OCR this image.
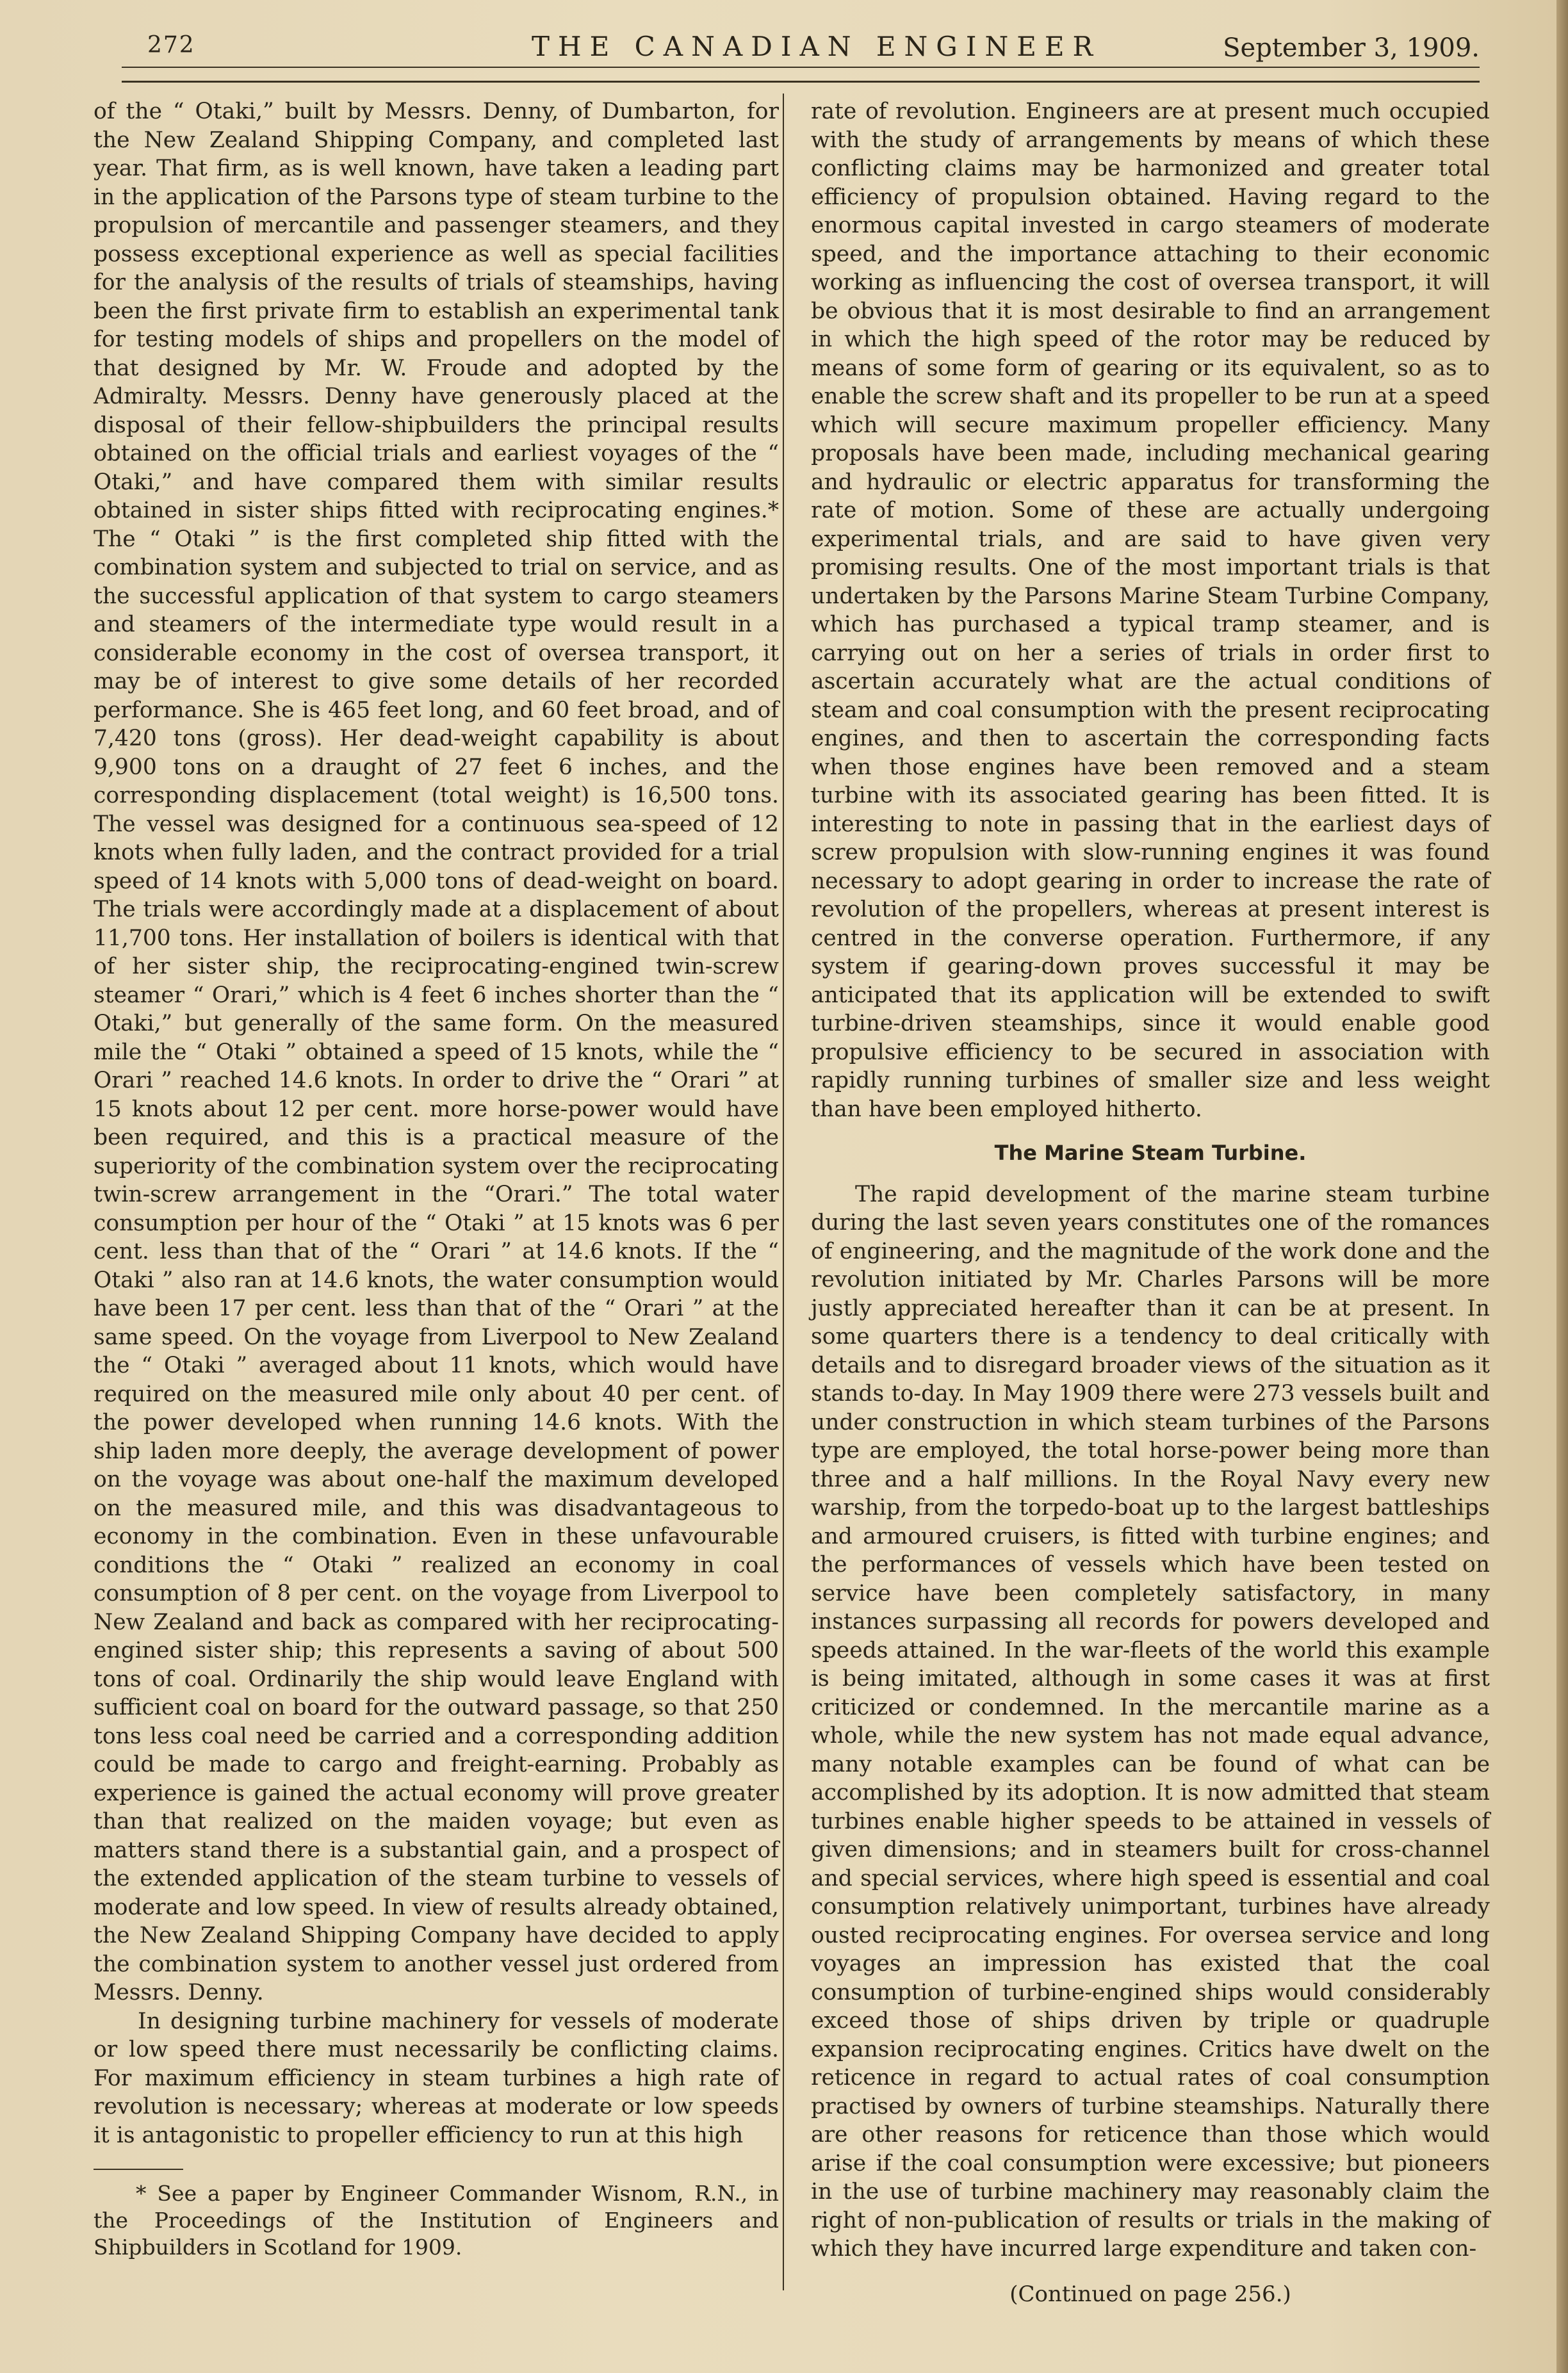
272	THE CANADIAN ENGINEER	September 3, 1909.

of the “ Otaki,” built by Messrs. Denny, of Dumbarton, for the New Zealand Shipping Company, and completed last year. That firm, as is well known, have taken a leading part in the application of the Parsons type of steam turbine to the propulsion of mercantile and passenger steamers, and they possess exceptional experience as well as special facilities for the analysis of the results of trials of steamships, having been the first private firm to establish an experimental tank for testing models of ships and propellers on the model of that designed by Mr. W. Froude and adopted by the Admiralty. Messrs. Denny have generously placed at the disposal of their fellow-shipbuilders the principal results obtained on the official trials and earliest voyages of the “ Otaki,” and have compared them with similar results obtained in sister ships fitted with reciprocating engines.* The “ Otaki ” is the first completed ship fitted with the combination system and subjected to trial on service, and as the successful application of that system to cargo steamers and steamers of the intermediate type would result in a considerable economy in the cost of oversea transport, it may be of interest to give some details of her recorded performance. She is 465 feet long, and 60 feet broad, and of 7,420 tons (gross). Her dead-weight capability is about 9,900 tons on a draught of 27 feet 6 inches, and the corresponding displacement (total weight) is 16,500 tons. The vessel was designed for a continuous sea-speed of 12 knots when fully laden, and the contract provided for a trial speed of 14 knots with 5,000 tons of dead-weight on board. The trials were accordingly made at a displacement of about 11,700 tons. Her installation of boilers is identical with that of her sister ship, the reciprocating-engined twin-screw steamer “ Orari,” which is 4 feet 6 inches shorter than the “ Otaki,” but generally of the same form. On the measured mile the “ Otaki ” obtained a speed of 15 knots, while the “ Orari ” reached 14.6 knots. In order to drive the “ Orari ” at 15 knots about 12 per cent. more horse-power would have been required, and this is a practical measure of the superiority of the combination system over the reciprocating twin-screw arrangement in the “Orari.” The total water consumption per hour of the “ Otaki ” at 15 knots was 6 per cent. less than that of the “ Orari ” at 14.6 knots. If the “ Otaki ” also ran at 14.6 knots, the water consumption would have been 17 per cent. less than that of the “ Orari ” at the same speed. On the voyage from Liverpool to New Zealand the “ Otaki ” averaged about 11 knots, which would have required on the measured mile only about 40 per cent. of the power developed when running 14.6 knots. With the ship laden more deeply, the average development of power on the voyage was about one-half the maximum developed on the measured mile, and this was disadvantageous to economy in the combination. Even in these unfavourable conditions the “ Otaki ” realized an economy in coal consumption of 8 per cent. on the voyage from Liverpool to New Zealand and back as compared with her reciprocating-engined sister ship; this represents a saving of about 500 tons of coal. Ordinarily the ship would leave England with sufficient coal on board for the outward passage, so that 250 tons less coal need be carried and a corresponding addition could be made to cargo and freight-earning. Probably as experience is gained the actual economy will prove greater than that realized on the maiden voyage; but even as matters stand there is a substantial gain, and a prospect of the extended application of the steam turbine to vessels of moderate and low speed. In view of results already obtained, the New Zealand Shipping Company have decided to apply the combination system to another vessel just ordered from Messrs. Denny.

In designing turbine machinery for vessels of moderate or low speed there must necessarily be conflicting claims. For maximum efficiency in steam turbines a high rate of revolution is necessary; whereas at moderate or low speeds it is antagonistic to propeller efficiency to run at this high

* See a paper by Engineer Commander Wisnom, R.N., in the Proceedings of the Institution of Engineers and Shipbuilders in Scotland for 1909.

rate of revolution. Engineers are at present much occupied with the study of arrangements by means of which these conflicting claims may be harmonized and greater total efficiency of propulsion obtained. Having regard to the enormous capital invested in cargo steamers of moderate speed, and the importance attaching to their economic working as influencing the cost of oversea transport, it will be obvious that it is most desirable to find an arrangement in which the high speed of the rotor may be reduced by means of some form of gearing or its equivalent, so as to enable the screw shaft and its propeller to be run at a speed which will secure maximum propeller efficiency. Many proposals have been made, including mechanical gearing and hydraulic or electric apparatus for transforming the rate of motion. Some of these are actually undergoing experimental trials, and are said to have given very promising results. One of the most important trials is that undertaken by the Parsons Marine Steam Turbine Company, which has purchased a typical tramp steamer, and is carrying out on her a series of trials in order first to ascertain accurately what are the actual conditions of steam and coal consumption with the present reciprocating engines, and then to ascertain the corresponding facts when those engines have been removed and a steam turbine with its associated gearing has been fitted. It is interesting to note in passing that in the earliest days of screw propulsion with slow-running engines it was found necessary to adopt gearing in order to increase the rate of revolution of the propellers, whereas at present interest is centred in the converse operation. Furthermore, if any system if gearing-down proves successful it may be anticipated that its application will be extended to swift turbine-driven steamships, since it would enable good propulsive efficiency to be secured in association with rapidly running turbines of smaller size and less weight than have been employed hitherto.

The Marine Steam Turbine.

The rapid development of the marine steam turbine during the last seven years constitutes one of the romances of engineering, and the magnitude of the work done and the revolution initiated by Mr. Charles Parsons will be more justly appreciated hereafter than it can be at present. In some quarters there is a tendency to deal critically with details and to disregard broader views of the situation as it stands to-day. In May 1909 there were 273 vessels built and under construction in which steam turbines of the Parsons type are employed, the total horse-power being more than three and a half millions. In the Royal Navy every new warship, from the torpedo-boat up to the largest battleships and armoured cruisers, is fitted with turbine engines; and the performances of vessels which have been tested on service have been completely satisfactory, in many instances surpassing all records for powers developed and speeds attained. In the war-fleets of the world this example is being imitated, although in some cases it was at first criticized or condemned. In the mercantile marine as a whole, while the new system has not made equal advance, many notable examples can be found of what can be accomplished by its adoption. It is now admitted that steam turbines enable higher speeds to be attained in vessels of given dimensions; and in steamers built for cross-channel and special services, where high speed is essential and coal consumption relatively unimportant, turbines have already ousted reciprocating engines. For oversea service and long voyages an impression has existed that the coal consumption of turbine-engined ships would considerably exceed those of ships driven by triple or quadruple expansion reciprocating engines. Critics have dwelt on the reticence in regard to actual rates of coal consumption practised by owners of turbine steamships. Naturally there are other reasons for reticence than those which would arise if the coal consumption were excessive; but pioneers in the use of turbine machinery may reasonably claim the right of non-publication of results or trials in the making of which they have incurred large expenditure and taken con-

(Continued on page 256.)
